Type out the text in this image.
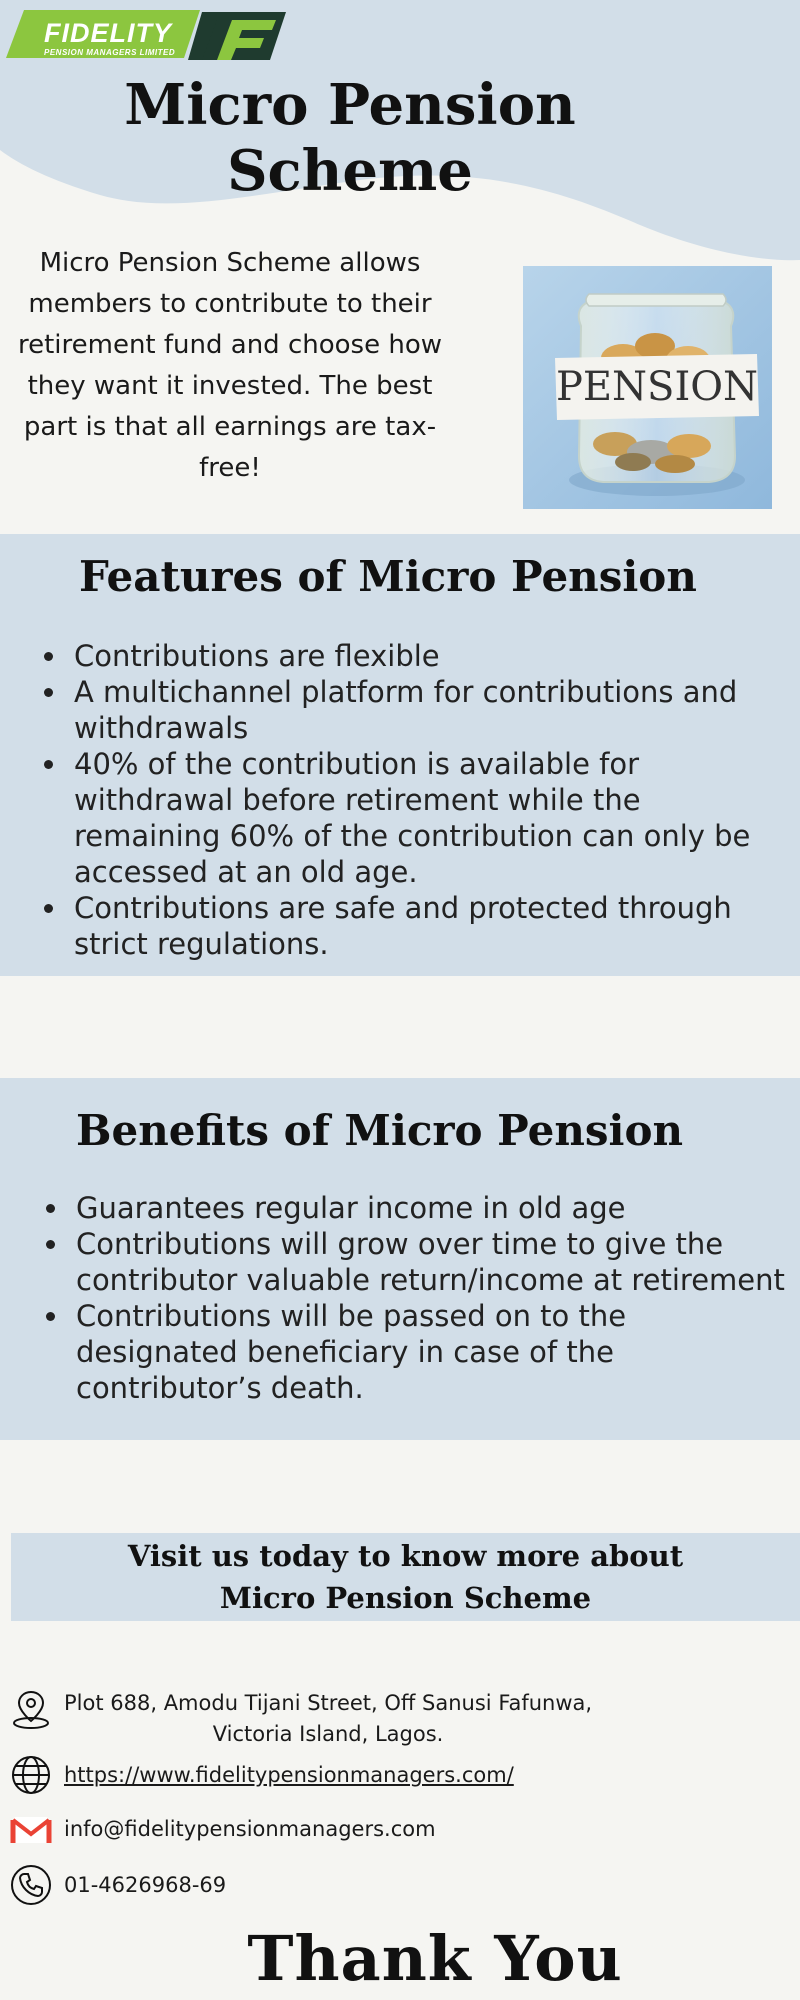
FIDELITY
PENSION MANAGERS LIMITED
Micro Pension Scheme

Micro Pension Scheme allows members to contribute to their retirement fund and choose how they want it invested. The best part is that all earnings are tax-free!

PENSION
Features of Micro Pension
Contributions are flexible
A multichannel platform for contributions and withdrawals
40% of the contribution is available for withdrawal before retirement while the remaining 60% of the contribution can only be accessed at an old age.
Contributions are safe and protected through strict regulations.
Benefits of Micro Pension
Guarantees regular income in old age
Contributions will grow over time to give the contributor valuable return/income at retirement
Contributions will be passed on to the designated beneficiary in case of the contributor’s death.
Visit us today to know more about
Micro Pension Scheme
Plot 688, Amodu Tijani Street, Off Sanusi Fafunwa,
Victoria Island, Lagos.
https://www.fidelitypensionmanagers.com/
info@fidelitypensionmanagers.com
01-4626968-69
Thank You
